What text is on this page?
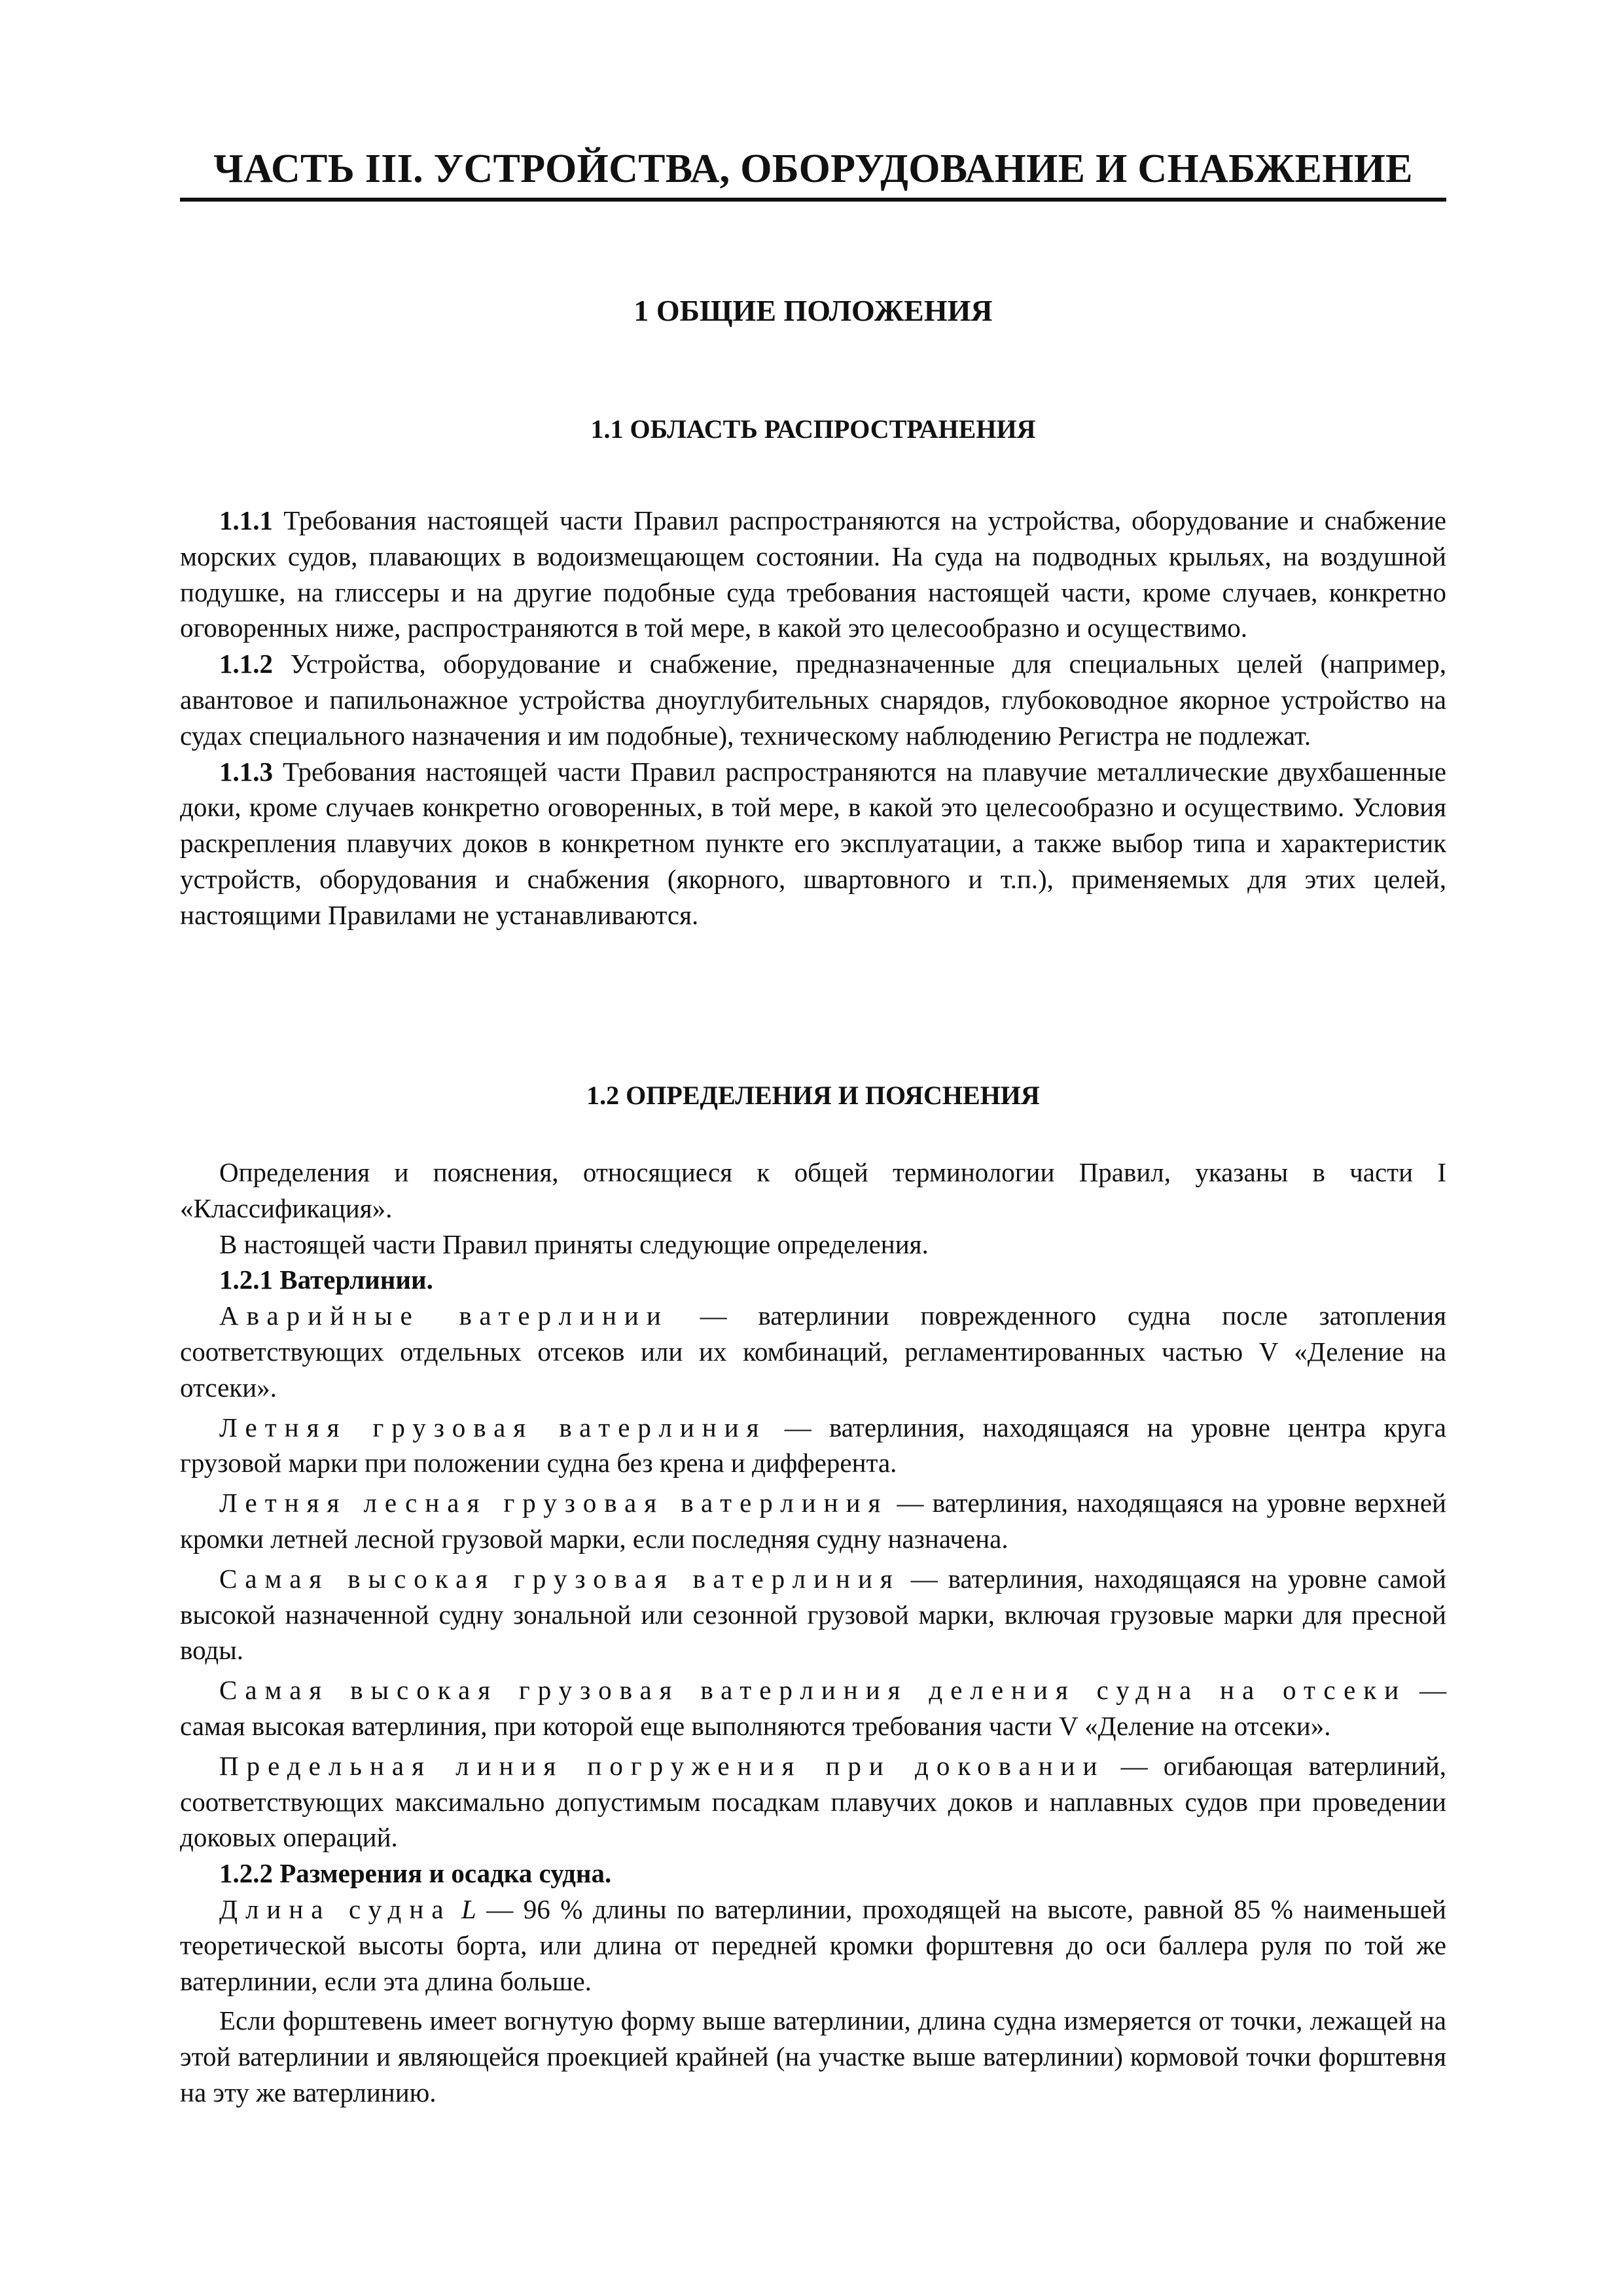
ЧАСТЬ III. УСТРОЙСТВА, ОБОРУДОВАНИЕ И СНАБЖЕНИЕ
1 ОБЩИЕ ПОЛОЖЕНИЯ
1.1 ОБЛАСТЬ РАСПРОСТРАНЕНИЯ

1.1.1 Требования настоящей части Правил распространяются на устройства, оборудование и снабжение морских судов, плавающих в водоизмещающем состоянии. На суда на подводных крыльях, на воздушной подушке, на глиссеры и на другие подобные суда требования настоящей части, кроме случаев, конкретно оговоренных ниже, распространяются в той мере, в какой это целесообразно и осуществимо.

1.1.2 Устройства, оборудование и снабжение, предназначенные для специальных целей (например, авантовое и папильонажное устройства дноуглубительных снарядов, глубоководное якорное устройство на судах специального назначения и им подобные), техническому наблюдению Регистра не подлежат.

1.1.3 Требования настоящей части Правил распространяются на плавучие металлические двухбашенные доки, кроме случаев конкретно оговоренных, в той мере, в какой это целесообразно и осуществимо. Условия раскрепления плавучих доков в конкретном пункте его эксплуатации, а также выбор типа и характеристик устройств, оборудования и снабжения (якорного, швартовного и т.п.), применяемых для этих целей, настоящими Правилами не устанавливаются.

1.2 ОПРЕДЕЛЕНИЯ И ПОЯСНЕНИЯ

Определения и пояснения, относящиеся к общей терминологии Правил, указаны в части I «Классификация».

В настоящей части Правил приняты следующие определения.

1.2.1 Ватерлинии.

Аварийные ватерлинии — ватерлинии поврежденного судна после затопления соответствующих отдельных отсеков или их комбинаций, регламентированных частью V «Деление на отсеки».

Летняя грузовая ватерлиния — ватерлиния, находящаяся на уровне центра круга грузовой марки при положении судна без крена и дифферента.

Летняя лесная грузовая ватерлиния — ватерлиния, находящаяся на уровне верхней кромки летней лесной грузовой марки, если последняя судну назначена.

Самая высокая грузовая ватерлиния — ватерлиния, находящаяся на уровне самой высокой назначенной судну зональной или сезонной грузовой марки, включая грузовые марки для пресной воды.

Самая высокая грузовая ватерлиния деления судна на отсеки — самая высокая ватерлиния, при которой еще выполняются требования части V «Деление на отсеки».

Предельная линия погружения при доковании — огибающая ватерлиний, соответствующих максимально допустимым посадкам плавучих доков и наплавных судов при проведении доковых операций.

1.2.2 Размерения и осадка судна.

Длина судна L — 96 % длины по ватерлинии, проходящей на высоте, равной 85 % наименьшей теоретической высоты борта, или длина от передней кромки форштевня до оси баллера руля по той же ватерлинии, если эта длина больше.

Если форштевень имеет вогнутую форму выше ватерлинии, длина судна измеряется от точки, лежащей на этой ватерлинии и являющейся проекцией крайней (на участке выше ватерлинии) кормовой точки форштевня на эту же ватерлинию.
